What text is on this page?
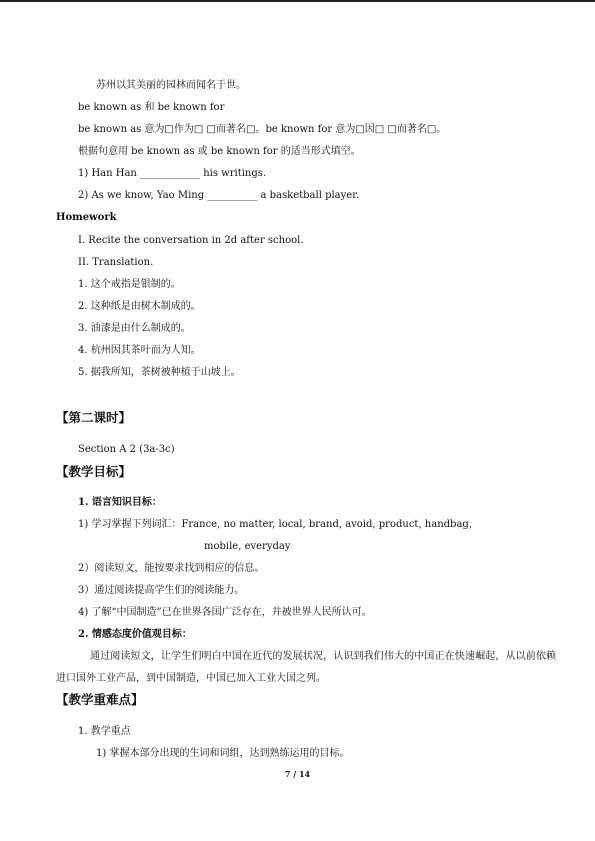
苏州以其美丽的园林而闻名于世。
be known as 和 be known for
be known as 意为□作为□ □而著名□。be known for 意为□因□ □而著名□。
根据句意用 be known as 或 be known for 的适当形式填空。
1) Han Han ____________ his writings.
2) As we know, Yao Ming __________ a basketball player.
Homework
I. Recite the conversation in 2d after school.
II. Translation.
1. 这个戒指是银制的。
2. 这种纸是由树木制成的。
3. 油漆是由什么制成的。
4. 杭州因其茶叶而为人知。
5. 据我所知，茶树被种植于山坡上。
【第二课时】
Section A 2 (3a-3c)
【教学目标】
1. 语言知识目标：
1) 学习掌握下列词汇：France, no matter, local, brand, avoid, product, handbag,
mobile, everyday
2）阅读短文，能按要求找到相应的信息。
3）通过阅读提高学生们的阅读能力。
4) 了解“中国制造”已在世界各国广泛存在，并被世界人民所认可。
2. 情感态度价值观目标：
通过阅读短文，让学生们明白中国在近代的发展状况，认识到我们伟大的中国正在快速崛起，从以前依赖进口国外工业产品，到中国制造，中国已加入工业大国之列。
【教学重难点】
1. 教学重点
1) 掌握本部分出现的生词和词组，达到熟练运用的目标。
7 / 14
